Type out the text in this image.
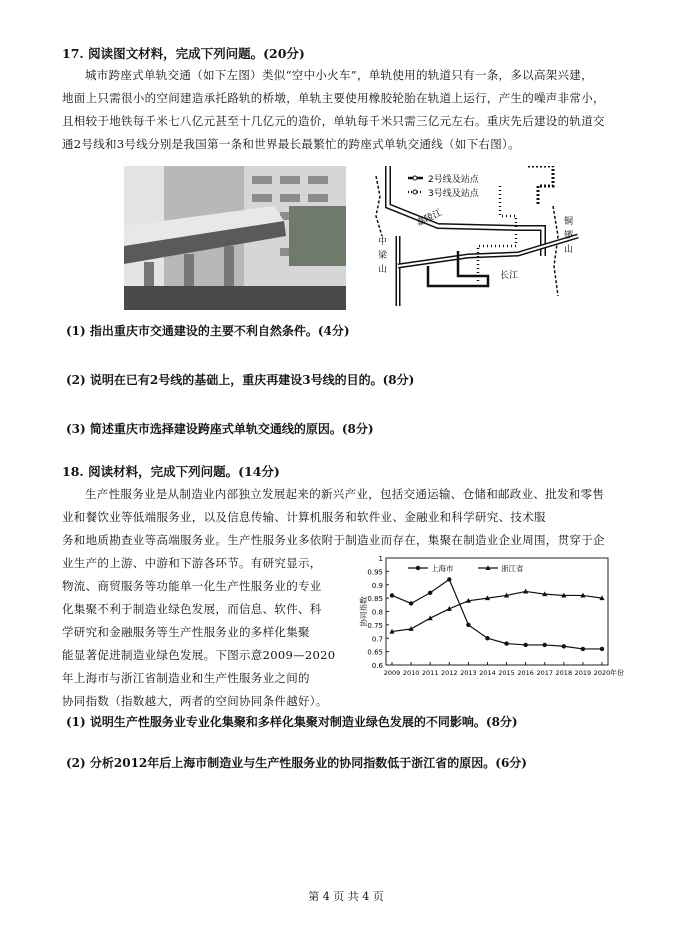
17. 阅读图文材料，完成下列问题。(20分)
城市跨座式单轨交通（如下左图）类似“空中小火车”，单轨使用的轨道只有一条，多以高架兴建，
地面上只需很小的空间建造承托路轨的桥墩，单轨主要使用橡胶轮胎在轨道上运行，产生的噪声非常小，
且相较于地铁每千米七八亿元甚至十几亿元的造价，单轨每千米只需三亿元左右。重庆先后建设的轨道交
通2号线和3号线分别是我国第一条和世界最长最繁忙的跨座式单轨交通线（如下右图）。
2号线及站点
3号线及站点
嘉陵江
长江
中
梁
山
铜
锣
山
(1) 指出重庆市交通建设的主要不利自然条件。(4分)
(2) 说明在已有2号线的基础上，重庆再建设3号线的目的。(8分)
(3) 简述重庆市选择建设跨座式单轨交通线的原因。(8分)
18. 阅读材料，完成下列问题。(14分)
生产性服务业是从制造业内部独立发展起来的新兴产业，包括交通运输、仓储和邮政业、批发和零售
业和餐饮业等低端服务业，以及信息传输、计算机服务和软件业、金融业和科学研究、技术服
务和地质勘查业等高端服务业。生产性服务业多依附于制造业而存在，集聚在制造业企业周围，贯穿于企
业生产的上游、中游和下游各环节。有研究显示，
物流、商贸服务等功能单一化生产性服务业的专业
化集聚不利于制造业绿色发展，而信息、软件、科
学研究和金融服务等生产性服务业的多样化集聚
能显著促进制造业绿色发展。下图示意2009—2020
年上海市与浙江省制造业和生产性服务业之间的
协同指数（指数越大，两者的空间协同条件越好）。
0.6
0.65
0.7
0.75
0.8
0.85
0.9
0.95
1
2009 2010 2011 2012 2013 2014 2015 2016 2017 2018 2019 2020 年份
协同指数
上海市	浙江省
(1) 说明生产性服务业专业化集聚和多样化集聚对制造业绿色发展的不同影响。(8分)
(2) 分析2012年后上海市制造业与生产性服务业的协同指数低于浙江省的原因。(6分)
第 4 页 共 4 页
